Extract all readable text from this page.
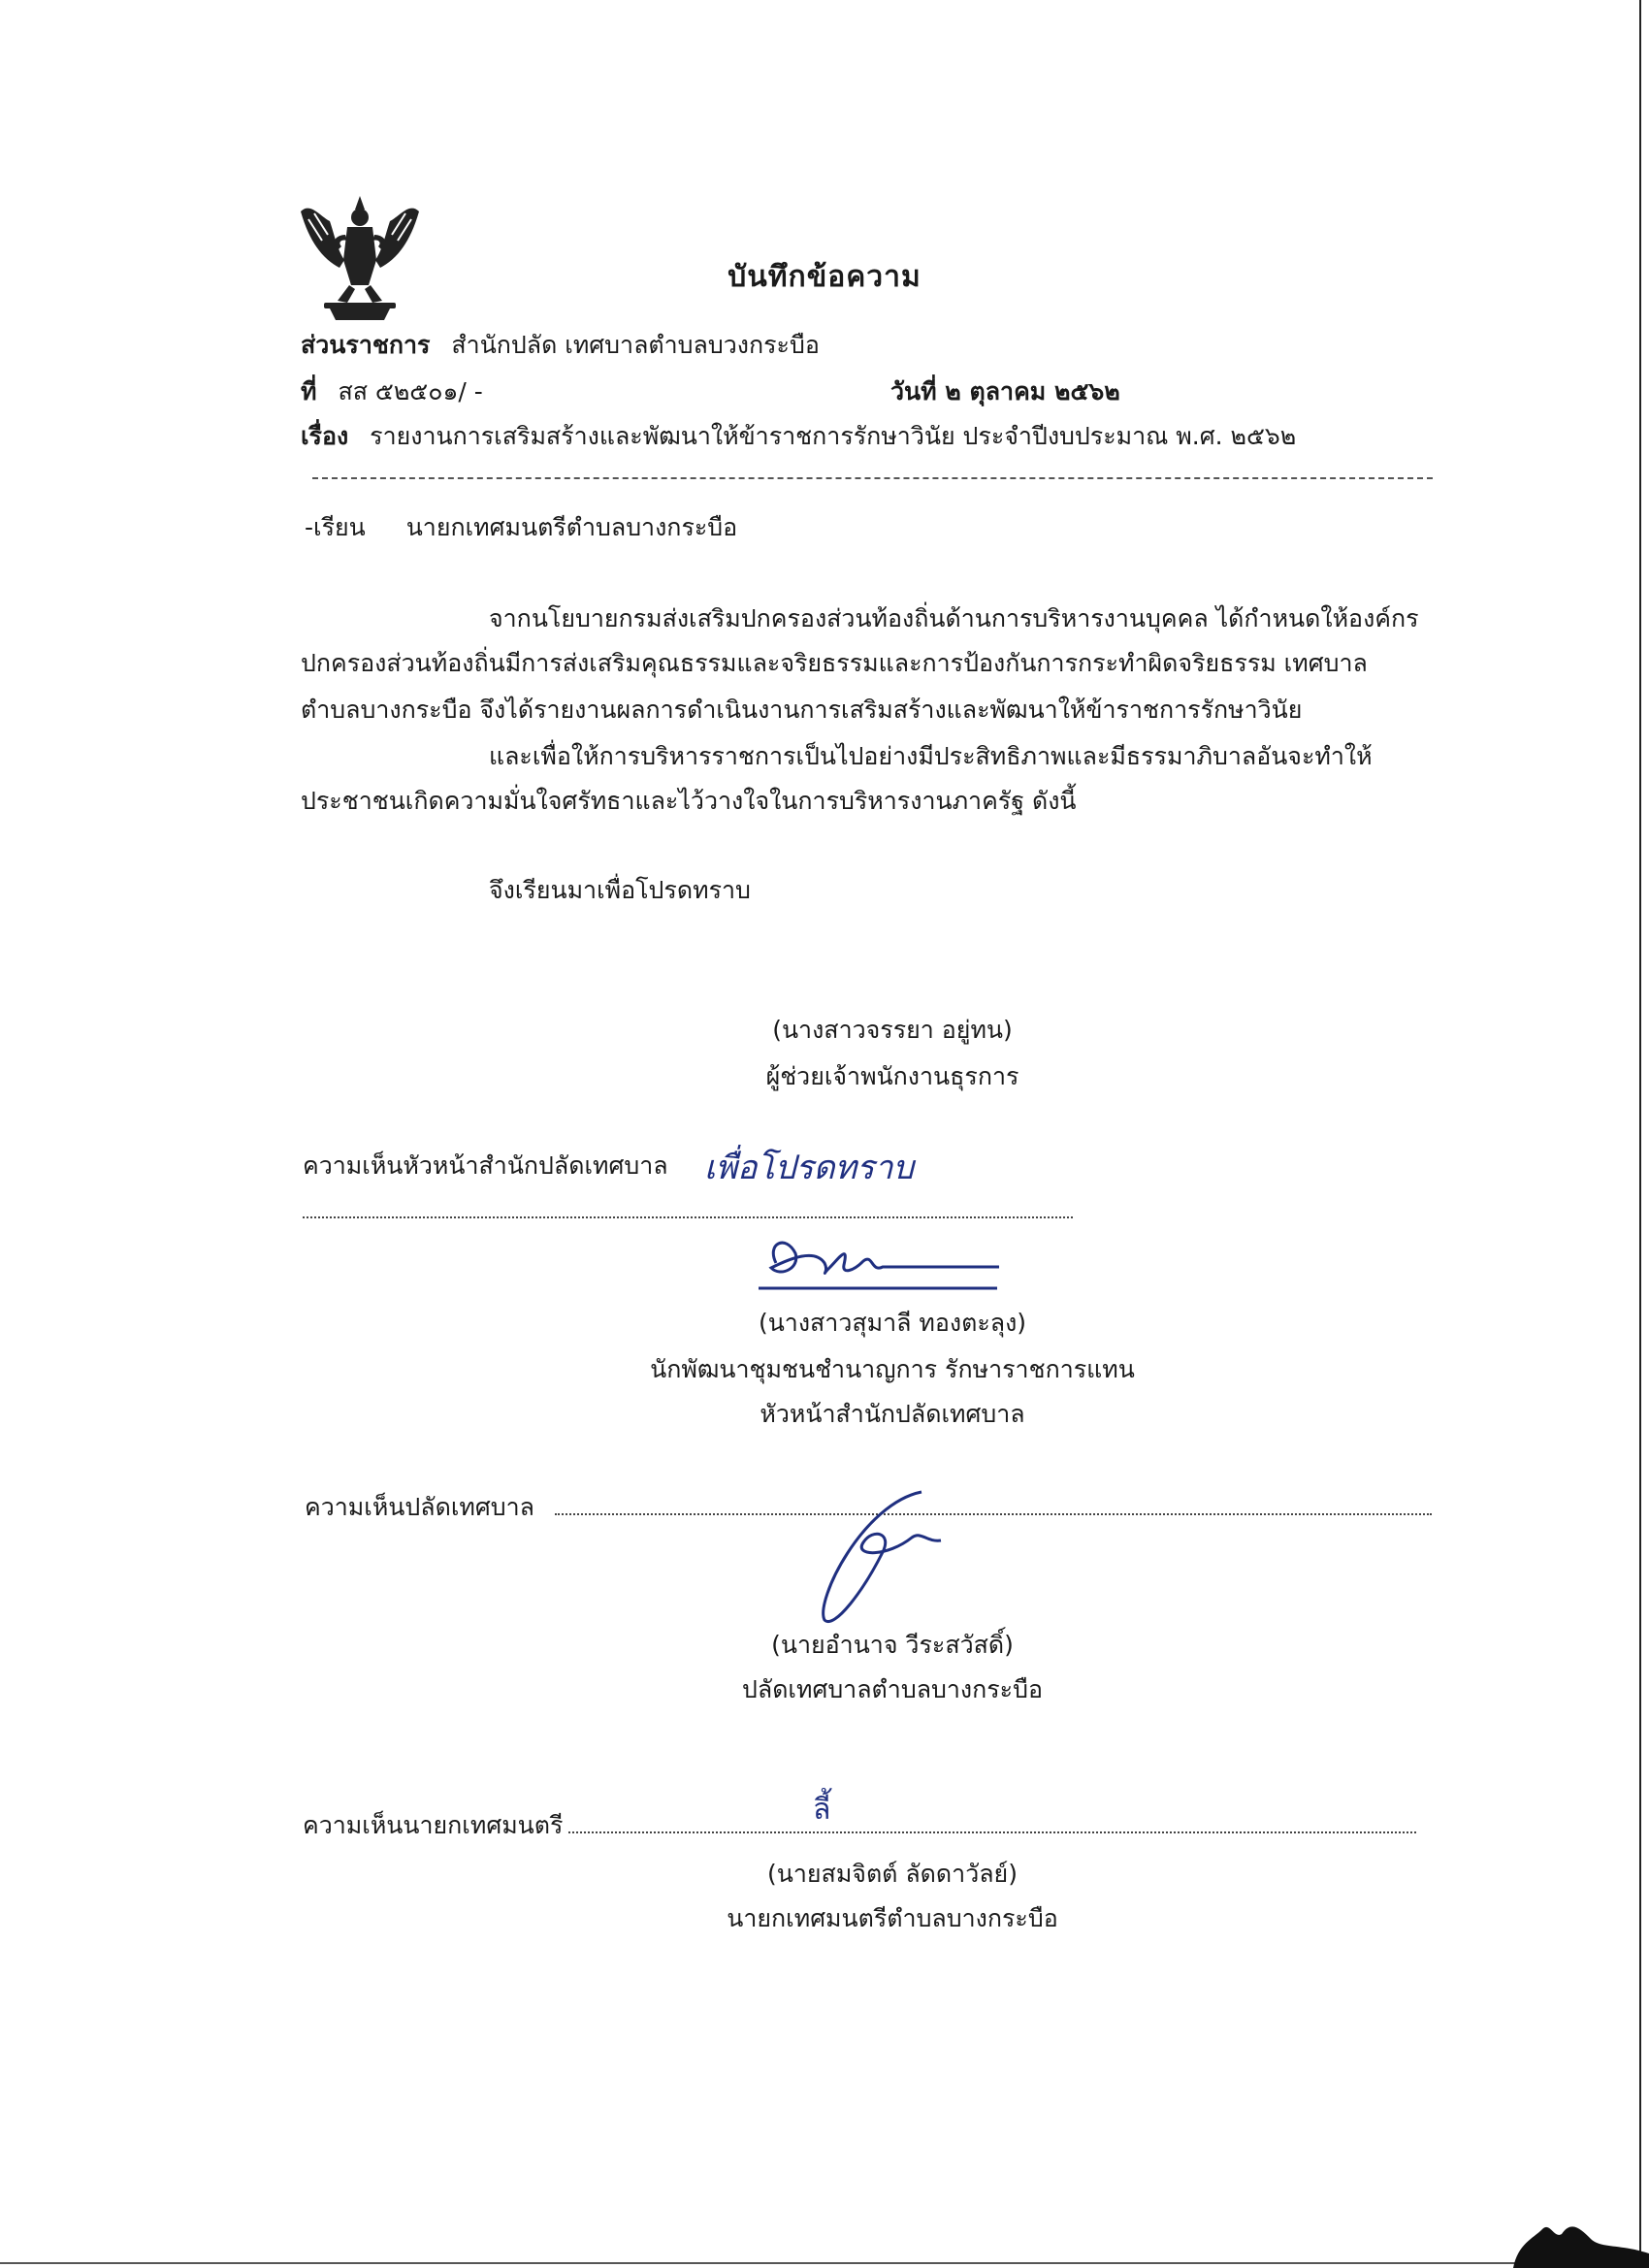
บันทึกข้อความ
ส่วนราชการ สำนักปลัด เทศบาลตำบลบวงกระบือ
ที่ สส ๕๒๕๐๑/ -	วันที่ ๒ ตุลาคม ๒๕๖๒
เรื่อง รายงานการเสริมสร้างและพัฒนาให้ข้าราชการรักษาวินัย ประจำปีงบประมาณ พ.ศ. ๒๕๖๒
-เรียน นายกเทศมนตรีตำบลบางกระบือ
จากนโยบายกรมส่งเสริมปกครองส่วนท้องถิ่นด้านการบริหารงานบุคคล ได้กำหนดให้องค์กร
ปกครองส่วนท้องถิ่นมีการส่งเสริมคุณธรรมและจริยธรรมและการป้องกันการกระทำผิดจริยธรรม เทศบาล
ตำบลบางกระบือ จึงได้รายงานผลการดำเนินงานการเสริมสร้างและพัฒนาให้ข้าราชการรักษาวินัย
และเพื่อให้การบริหารราชการเป็นไปอย่างมีประสิทธิภาพและมีธรรมาภิบาลอันจะทำให้
ประชาชนเกิดความมั่นใจศรัทธาและไว้วางใจในการบริหารงานภาครัฐ ดังนี้
จึงเรียนมาเพื่อโปรดทราบ
(นางสาวจรรยา อยู่ทน)
ผู้ช่วยเจ้าพนักงานธุรการ
ความเห็นหัวหน้าสำนักปลัดเทศบาล เพื่อโปรดทราบ
(นางสาวสุมาลี ทองตะลุง)
นักพัฒนาชุมชนชำนาญการ รักษาราชการแทน
หัวหน้าสำนักปลัดเทศบาล
ความเห็นปลัดเทศบาล
(นายอำนาจ วีระสวัสดิ์)
ปลัดเทศบาลตำบลบางกระบือ
ความเห็นนายกเทศมนตรี	ลี้
(นายสมจิตต์ ลัดดาวัลย์)
นายกเทศมนตรีตำบลบางกระบือ
